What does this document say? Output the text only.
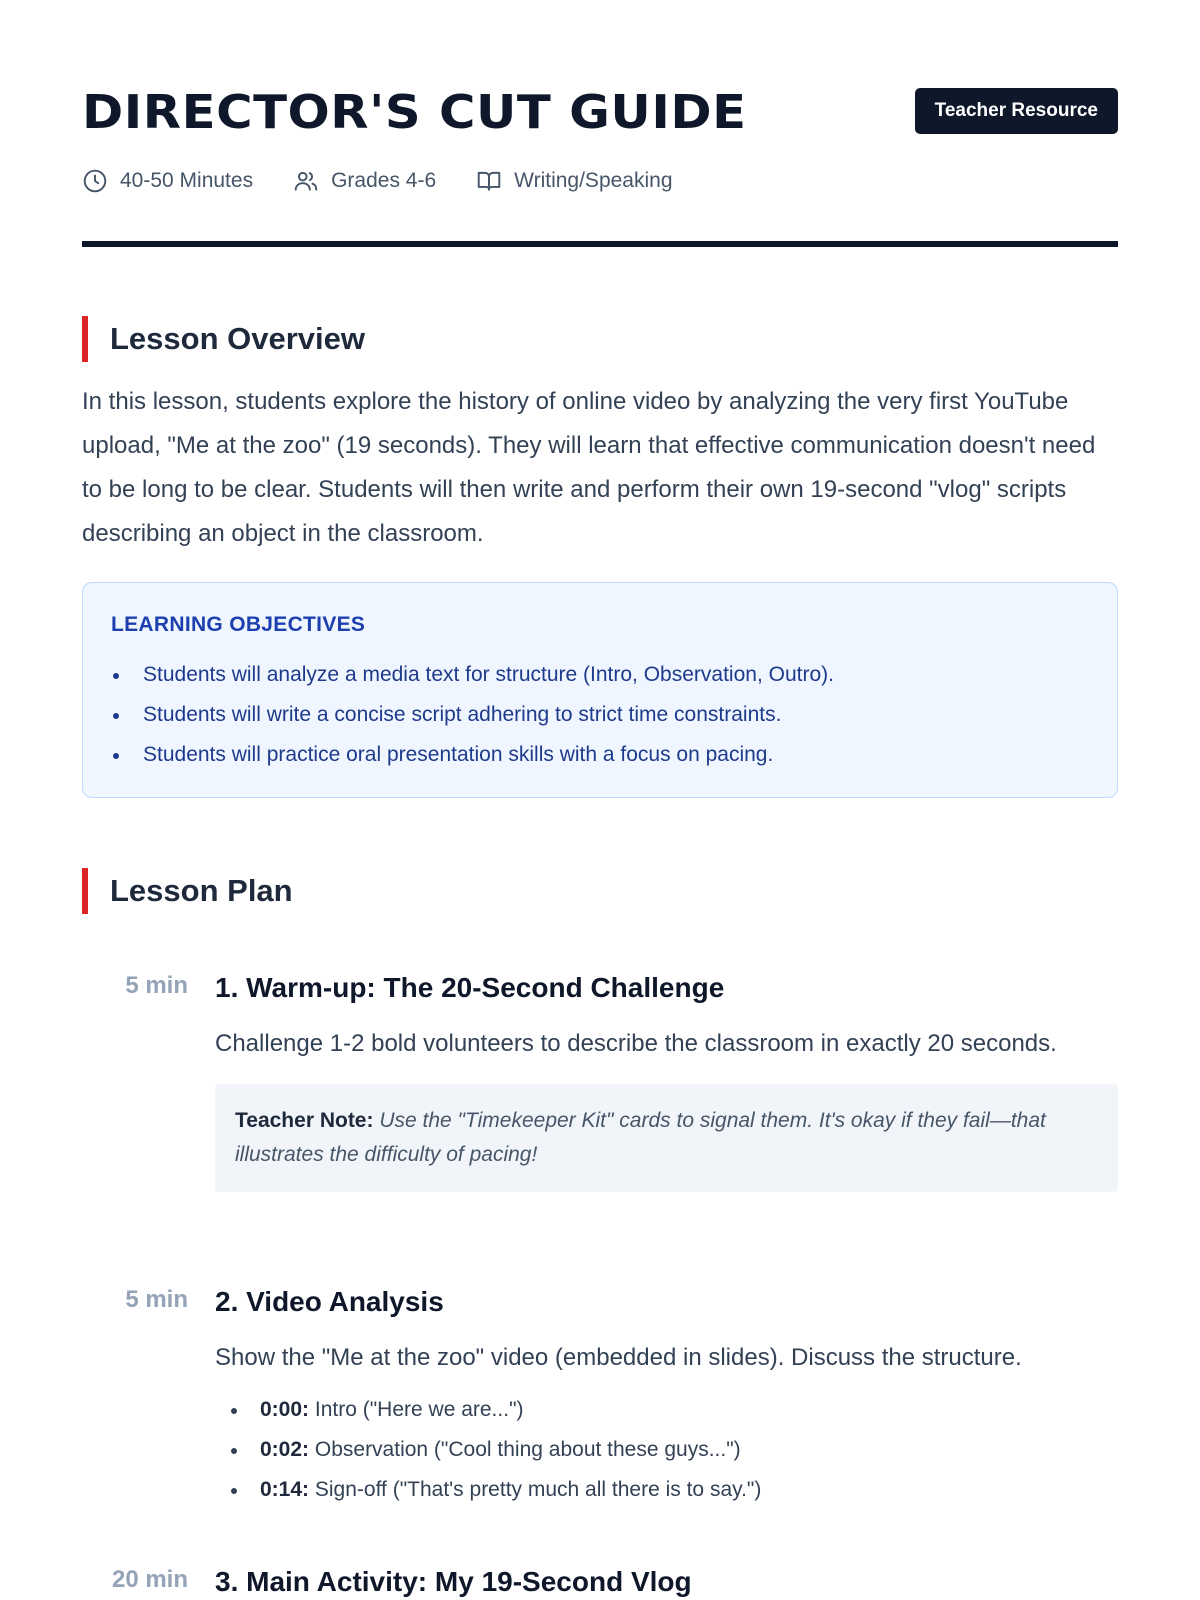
DIRECTOR'S CUT GUIDE	Teacher Resource
40-50 Minutes	Grades 4-6	Writing/Speaking
Lesson Overview

In this lesson, students explore the history of online video by analyzing the very first YouTube upload, "Me at the zoo" (19 seconds). They will learn that effective communication doesn't need to be long to be clear. Students will then write and perform their own 19-second "vlog" scripts describing an object in the classroom.

LEARNING OBJECTIVES
Students will analyze a media text for structure (Intro, Observation, Outro).
Students will write a concise script adhering to strict time constraints.
Students will practice oral presentation skills with a focus on pacing.
Lesson Plan
5 min 1. Warm-up: The 20-Second Challenge

Challenge 1-2 bold volunteers to describe the classroom in exactly 20 seconds.

Teacher Note: Use the "Timekeeper Kit" cards to signal them. It's okay if they fail—that illustrates the difficulty of pacing!
5 min 2. Video Analysis

Show the "Me at the zoo" video (embedded in slides). Discuss the structure.

0:00: Intro ("Here we are...")
0:02: Observation ("Cool thing about these guys...")
0:14: Sign-off ("That's pretty much all there is to say.")
20 min 3. Main Activity: My 19-Second Vlog
